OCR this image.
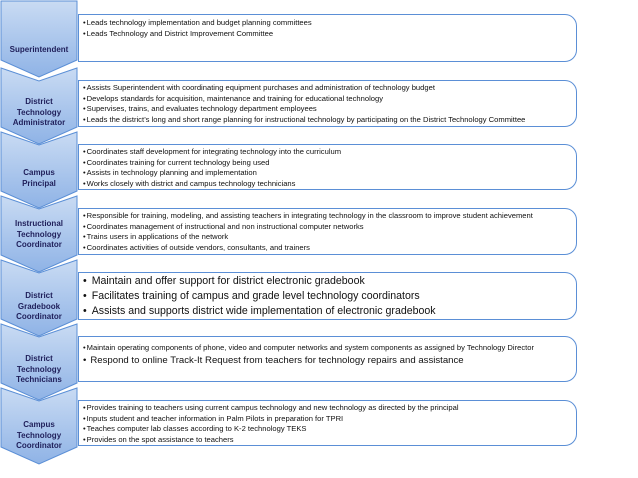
Superintendent
• Leads technology implementation and budget planning committees
• Leads Technology and District Improvement Committee
District
Technology
Administrator
• Assists Superintendent with coordinating equipment purchases and administration of technology budget
• Develops standards for acquisition, maintenance and training for educational technology
• Supervises, trains, and evaluates technology department employees
• Leads the district’s long and short range planning for instructional technology by participating on the District Technology Committee
Campus
Principal
• Coordinates staff development for integrating technology into the curriculum
• Coordinates training for current technology being used
• Assists in technology planning and implementation
• Works closely with district and campus technology technicians
Instructional
Technology
Coordinator
• Responsible for training, modeling, and assisting teachers in integrating technology in the classroom to improve student achievement
• Coordinates management of instructional and non instructional computer networks
• Trains users in applications of the network
• Coordinates activities of outside vendors, consultants, and trainers
District
Gradebook
Coordinator
• Maintain and offer support for district electronic gradebook
• Facilitates training of campus and grade level technology coordinators
• Assists and supports district wide implementation of electronic gradebook
District
Technology
Technicians
• Maintain operating components of phone, video and computer networks and system components as assigned by Technology Director
• Respond to online Track-It Request from teachers for technology repairs and assistance
Campus
Technology
Coordinator
• Provides training to teachers using current campus technology and new technology as directed by the principal
• Inputs student and teacher information in Palm Pilots in preparation for TPRI
• Teaches computer lab classes according to K-2 technology TEKS
• Provides on the spot assistance to teachers
